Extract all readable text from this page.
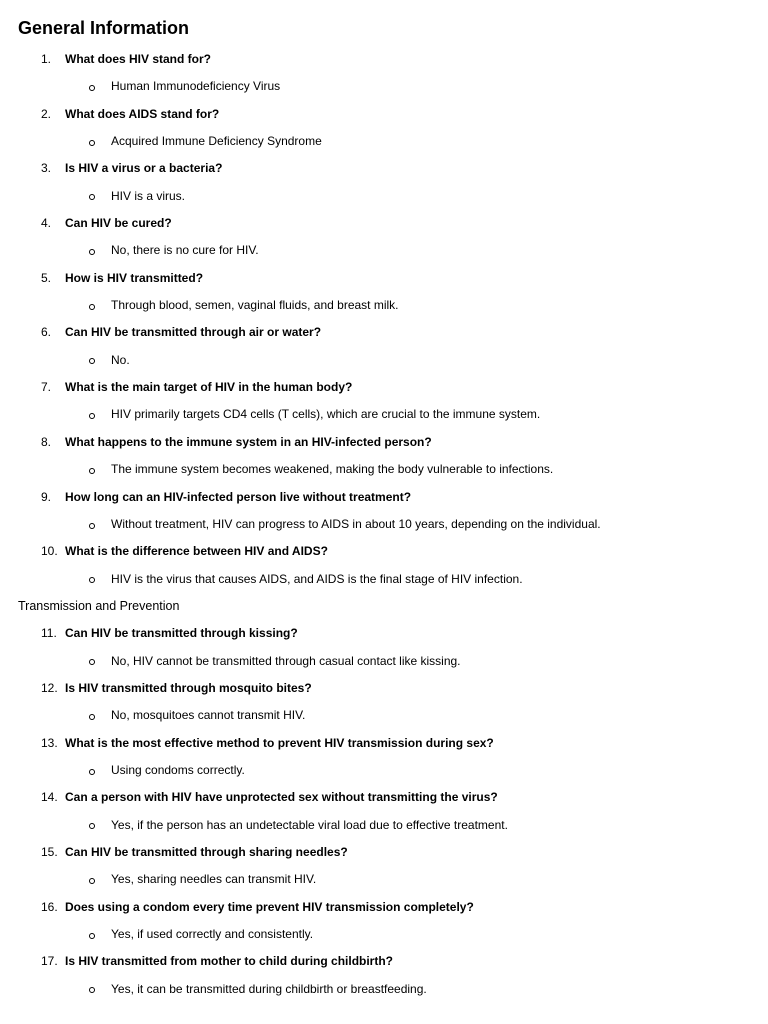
General Information
1. What does HIV stand for?
Human Immunodeficiency Virus
2. What does AIDS stand for?
Acquired Immune Deficiency Syndrome
3. Is HIV a virus or a bacteria?
HIV is a virus.
4. Can HIV be cured?
No, there is no cure for HIV.
5. How is HIV transmitted?
Through blood, semen, vaginal fluids, and breast milk.
6. Can HIV be transmitted through air or water?
No.
7. What is the main target of HIV in the human body?
HIV primarily targets CD4 cells (T cells), which are crucial to the immune system.
8. What happens to the immune system in an HIV-infected person?
The immune system becomes weakened, making the body vulnerable to infections.
9. How long can an HIV-infected person live without treatment?
Without treatment, HIV can progress to AIDS in about 10 years, depending on the individual.
10. What is the difference between HIV and AIDS?
HIV is the virus that causes AIDS, and AIDS is the final stage of HIV infection.
Transmission and Prevention
11. Can HIV be transmitted through kissing?
No, HIV cannot be transmitted through casual contact like kissing.
12. Is HIV transmitted through mosquito bites?
No, mosquitoes cannot transmit HIV.
13. What is the most effective method to prevent HIV transmission during sex?
Using condoms correctly.
14. Can a person with HIV have unprotected sex without transmitting the virus?
Yes, if the person has an undetectable viral load due to effective treatment.
15. Can HIV be transmitted through sharing needles?
Yes, sharing needles can transmit HIV.
16. Does using a condom every time prevent HIV transmission completely?
Yes, if used correctly and consistently.
17. Is HIV transmitted from mother to child during childbirth?
Yes, it can be transmitted during childbirth or breastfeeding.
